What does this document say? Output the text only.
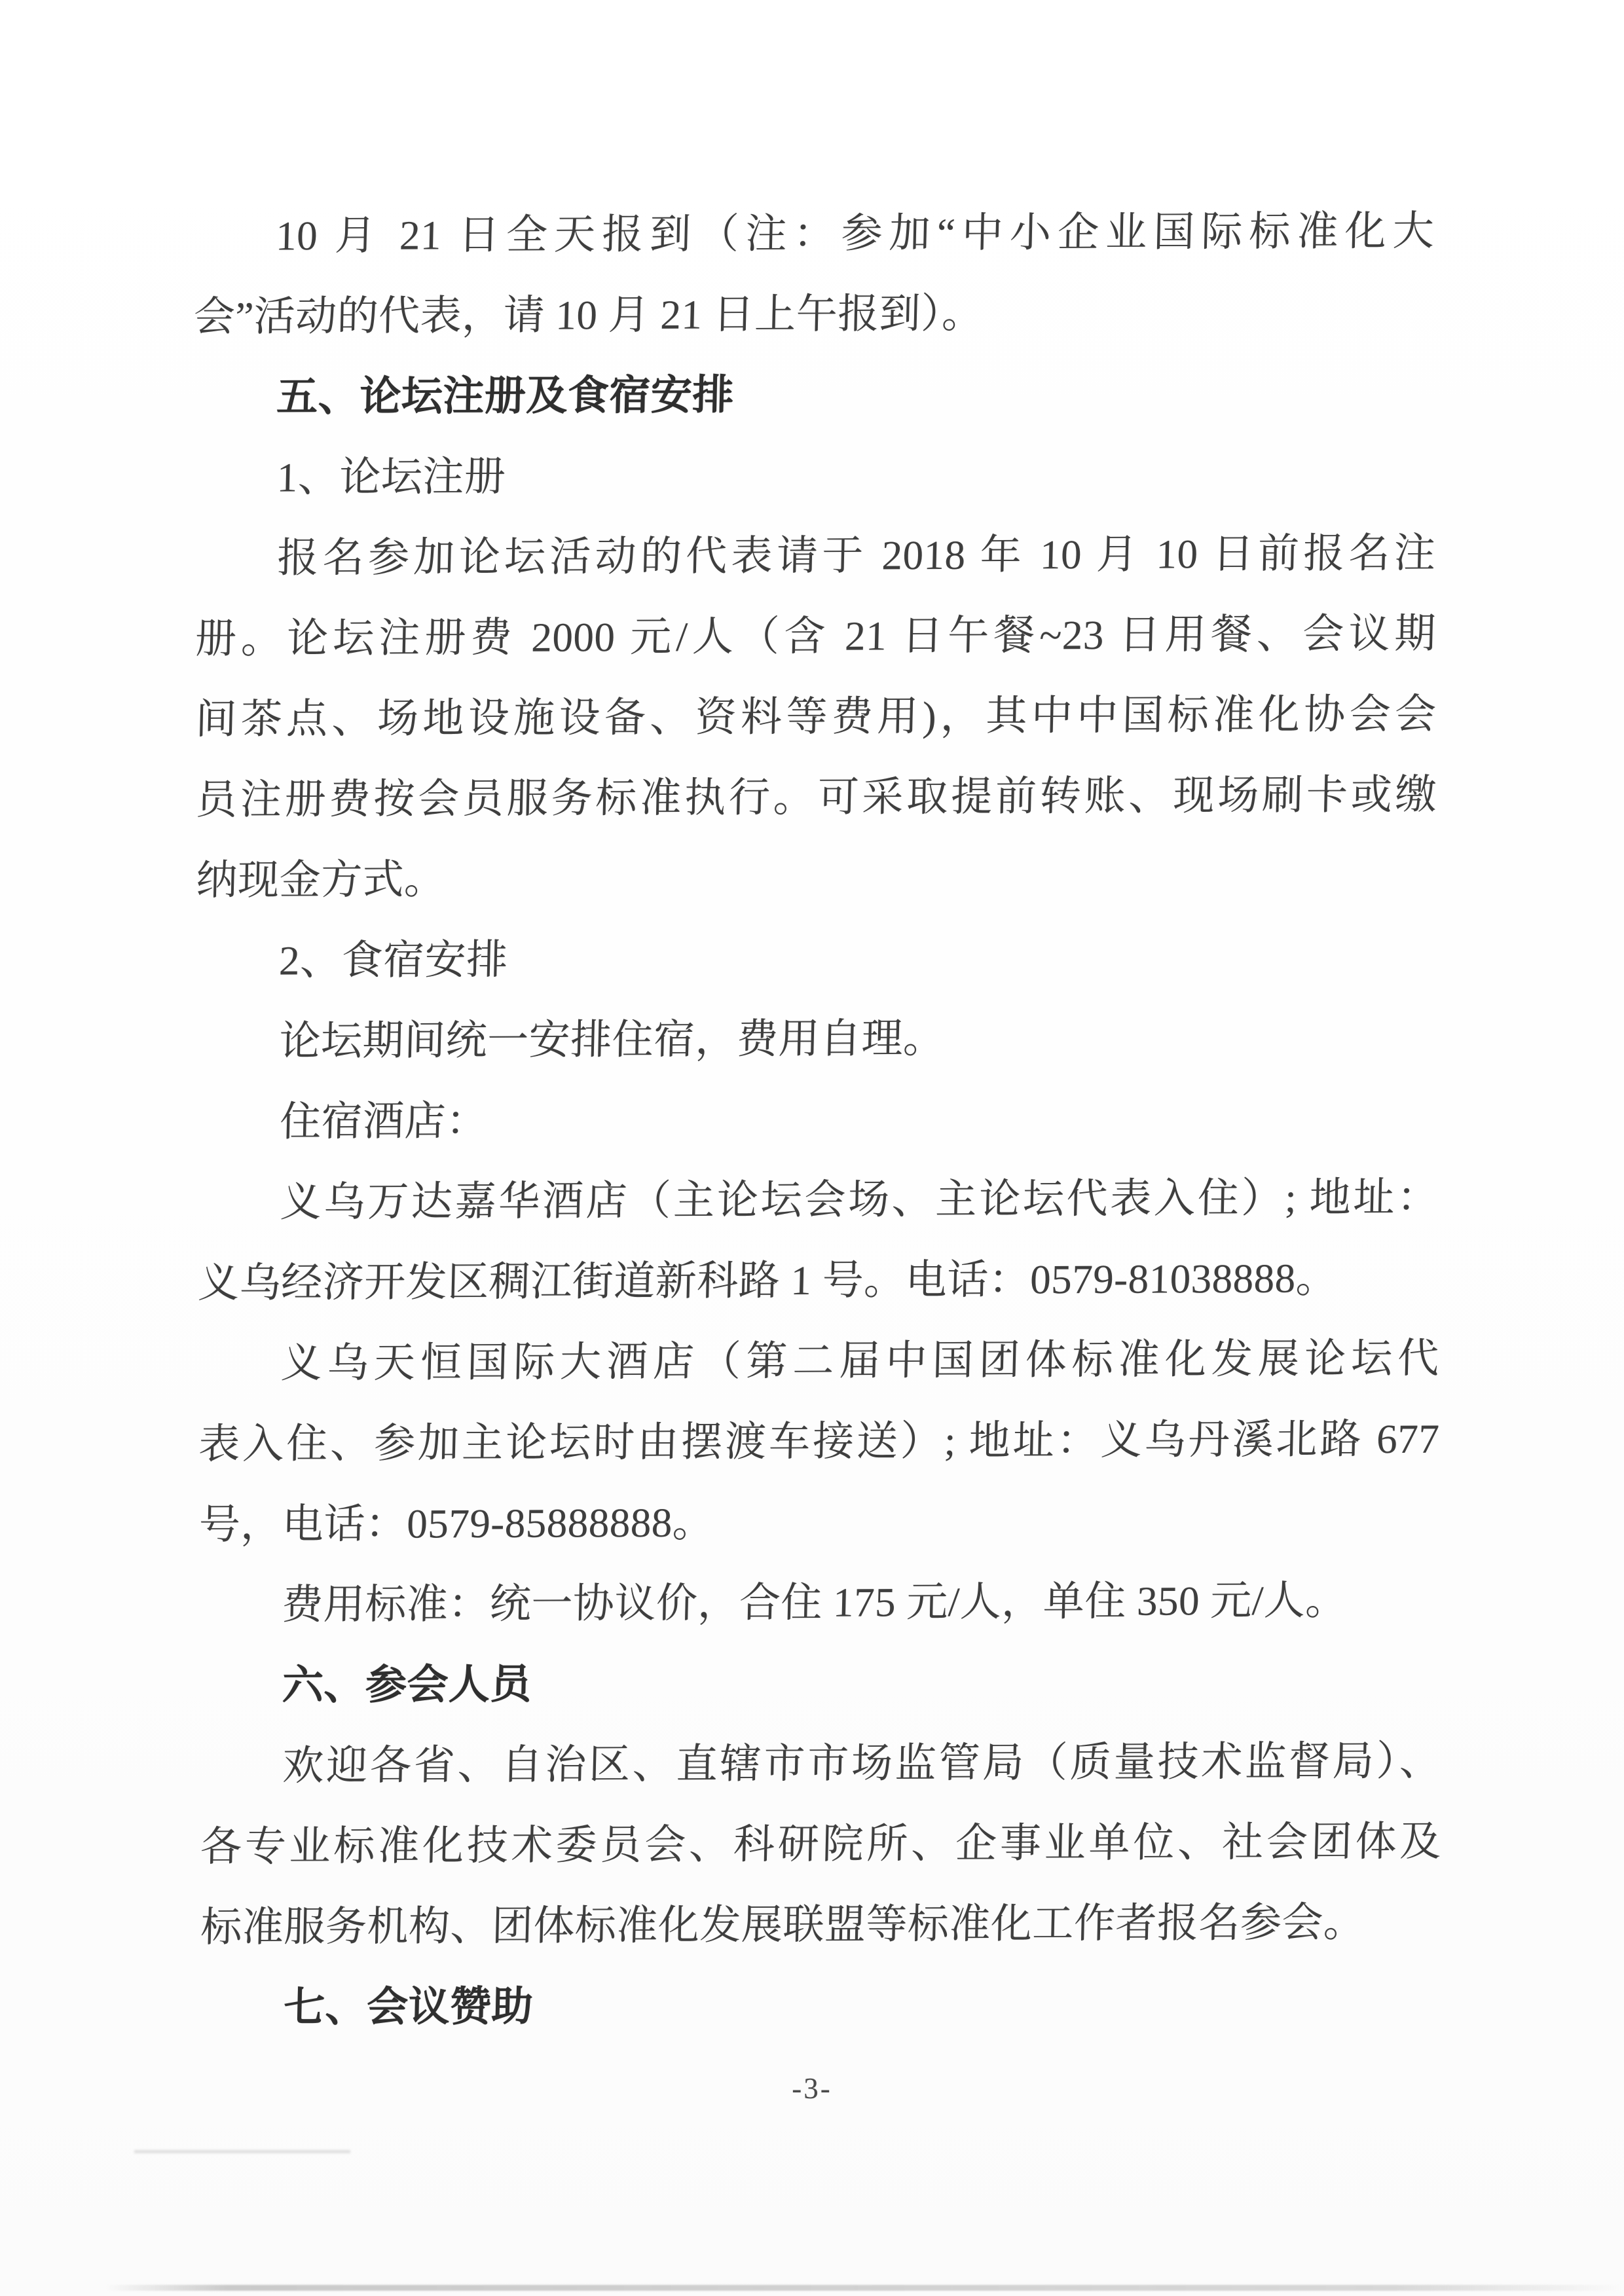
10 月 21 日全天报到（注：参加“中小企业国际标准化大

会”活动的代表，请 10 月 21 日上午报到）。

五、论坛注册及食宿安排

1、论坛注册

报名参加论坛活动的代表请于 2018 年 10 月 10 日前报名注

册。论坛注册费 2000 元/人（含 21 日午餐~23 日用餐、会议期

间茶点、场地设施设备、资料等费用)，其中中国标准化协会会

员注册费按会员服务标准执行。可采取提前转账、现场刷卡或缴

纳现金方式。

2、食宿安排

论坛期间统一安排住宿，费用自理。

住宿酒店：

义乌万达嘉华酒店（主论坛会场、主论坛代表入住）; 地址：

义乌经济开发区稠江街道新科路 1 号。电话：0579-81038888。

义乌天恒国际大酒店（第二届中国团体标准化发展论坛代

表入住、参加主论坛时由摆渡车接送）; 地址：义乌丹溪北路 677

号，电话：0579-85888888。

费用标准：统一协议价，合住 175 元/人，单住 350 元/人。

六、参会人员

欢迎各省、自治区、直辖市市场监管局（质量技术监督局）、

各专业标准化技术委员会、科研院所、企事业单位、社会团体及

标准服务机构、团体标准化发展联盟等标准化工作者报名参会。

七、会议赞助

-3-
